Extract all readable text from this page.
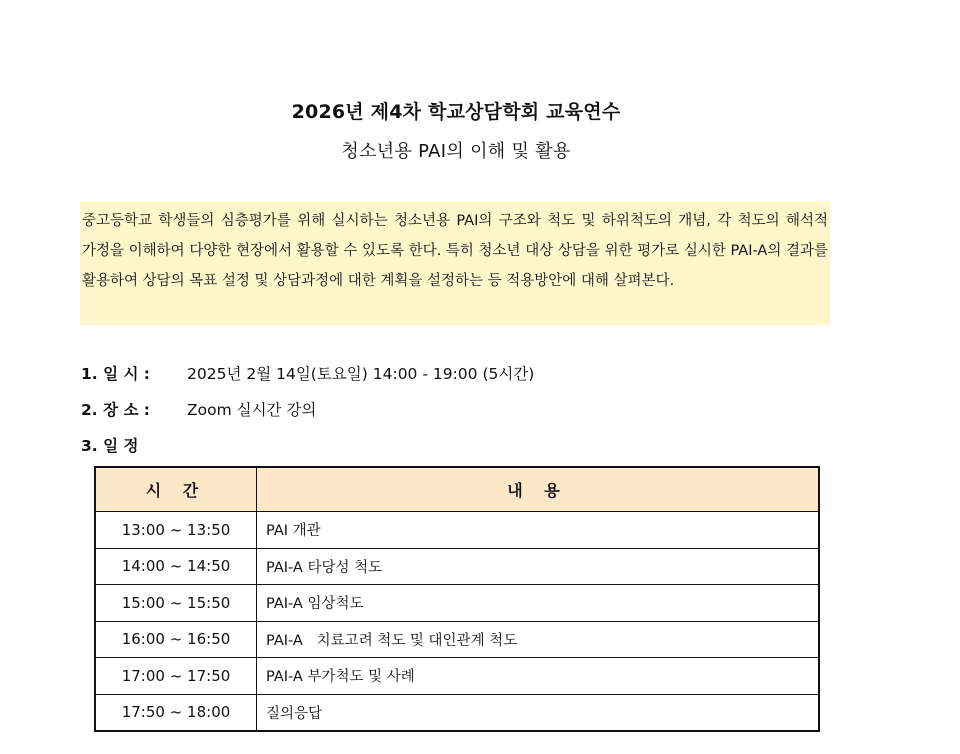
2026년 제4차 학교상담학회 교육연수
청소년용 PAI의 이해 및 활용
중고등학교 학생들의 심층평가를 위해 실시하는 청소년용 PAI의 구조와 척도 및 하위척도의 개념, 각 척도의 해석적 가정을 이해하여 다양한 현장에서 활용할 수 있도록 한다. 특히 청소년 대상 상담을 위한 평가로 실시한 PAI-A의 결과를 활용하여 상담의 목표 설정 및 상담과정에 대한 계획을 설정하는 등 적용방안에 대해 살펴본다.
1. 일 시 :	2025년 2월 14일(토요일) 14:00 - 19:00 (5시간)
2. 장 소 :	Zoom 실시간 강의
3. 일 정
시 간	내 용
13:00 ~ 13:50	PAI 개관
14:00 ~ 14:50	PAI-A 타당성 척도
15:00 ~ 15:50	PAI-A 임상척도
16:00 ~ 16:50	PAI-A   치료고려 척도 및 대인관계 척도
17:00 ~ 17:50	PAI-A 부가척도 및 사례
17:50 ~ 18:00	질의응답
